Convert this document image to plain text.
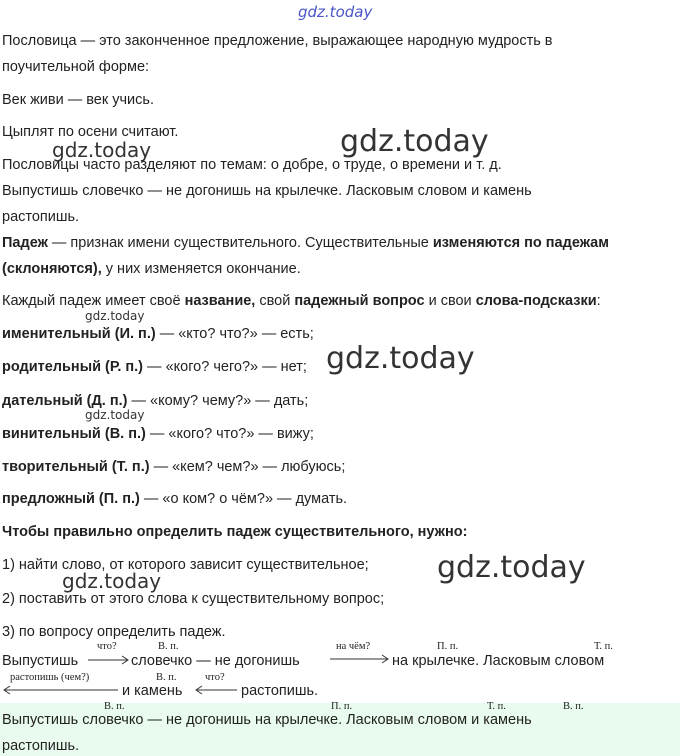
gdz.today
gdz.today
gdz.today
gdz.today
gdz.today
gdz.today
gdz.today
gdz.today
Пословица — это законченное предложение, выражающее народную мудрость в
поучительной форме:
Век живи — век учись.
Цыплят по осени считают.
Пословицы часто разделяют по темам: о добре, о труде, о времени и т. д.
Выпустишь словечко — не догонишь на крылечке. Ласковым словом и камень
растопишь.
Падеж — признак имени существительного. Существительные изменяются по падежам
(склоняются), у них изменяется окончание.
Каждый падеж имеет своё название, свой падежный вопрос и свои слова-подсказки:
именительный (И. п.) — «кто? что?» — есть;
родительный (Р. п.) — «кого? чего?» — нет;
дательный (Д. п.) — «кому? чему?» — дать;
винительный (В. п.) — «кого? что?» — вижу;
творительный (Т. п.) — «кем? чем?» — любуюсь;
предложный (П. п.) — «о ком? о чём?» — думать.
Чтобы правильно определить падеж существительного, нужно:
1) найти слово, от которого зависит существительное;
2) поставить от этого слова к существительному вопрос;
3) по вопросу определить падеж.
что?	В. п.	на чём?	П. п.	Т. п.
Выпустишь	словечко — не догонишь	на крылечке. Ласковым словом
растопишь (чем?)	В. п.	что?
и камень	растопишь.
В. п.	П. п.	Т. п.	В. п.
Выпустишь словечко — не догонишь на крылечке. Ласковым словом и камень
растопишь.
